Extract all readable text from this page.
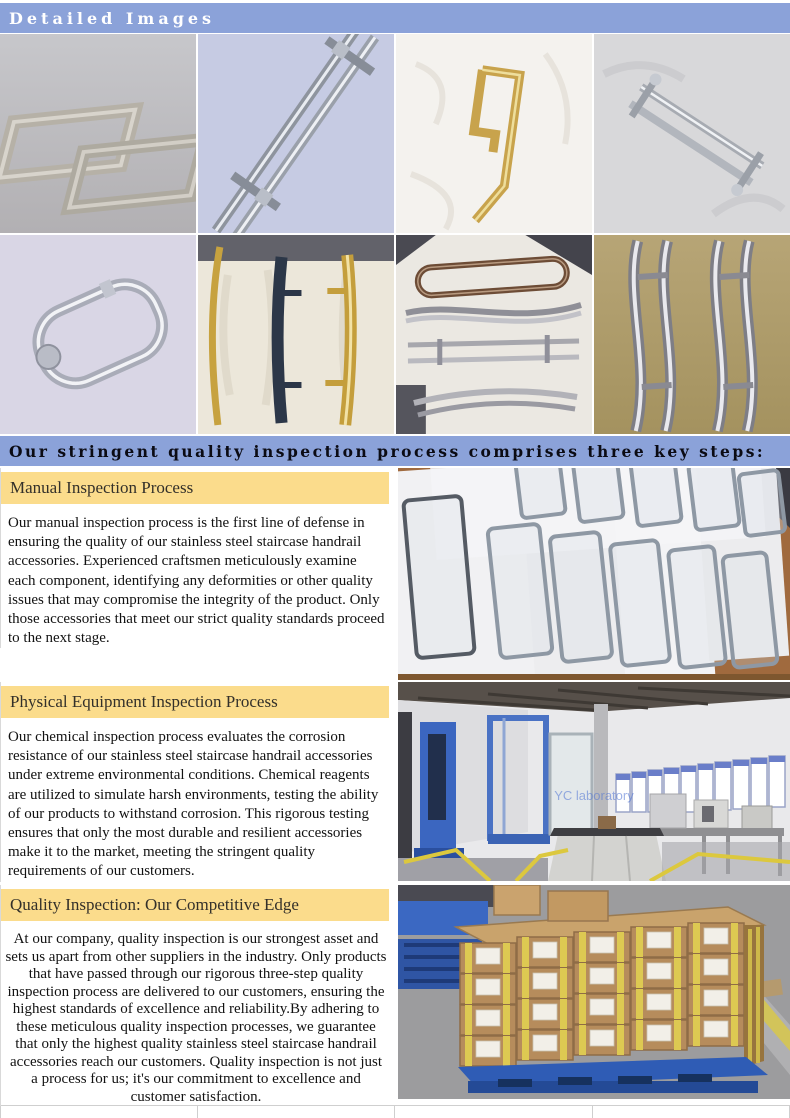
Detailed Images
Our stringent quality inspection process comprises three key steps:
Manual Inspection Process

Our manual inspection process is the first line of defense in ensuring the quality of our stainless steel staircase handrail accessories. Experienced craftsmen meticulously examine each component, identifying any deformities or other quality issues that may compromise the integrity of the product. Only those accessories that meet our strict quality standards proceed to the next stage.

Physical Equipment Inspection Process

Our chemical inspection process evaluates the corrosion resistance of our stainless steel staircase handrail accessories under extreme environmental conditions. Chemical reagents are utilized to simulate harsh environments, testing the ability of our products to withstand corrosion. This rigorous testing ensures that only the most durable and resilient accessories make it to the market, meeting the stringent quality requirements of our customers.

YC laboratory
Quality Inspection: Our Competitive Edge

At our company, quality inspection is our strongest asset and sets us apart from other suppliers in the industry. Only products that have passed through our rigorous three-step quality inspection process are delivered to our customers, ensuring the highest standards of excellence and reliability.By adhering to these meticulous quality inspection processes, we guarantee that only the highest quality stainless steel staircase handrail accessories reach our customers. Quality inspection is not just a process for us; it's our commitment to excellence and customer satisfaction.
